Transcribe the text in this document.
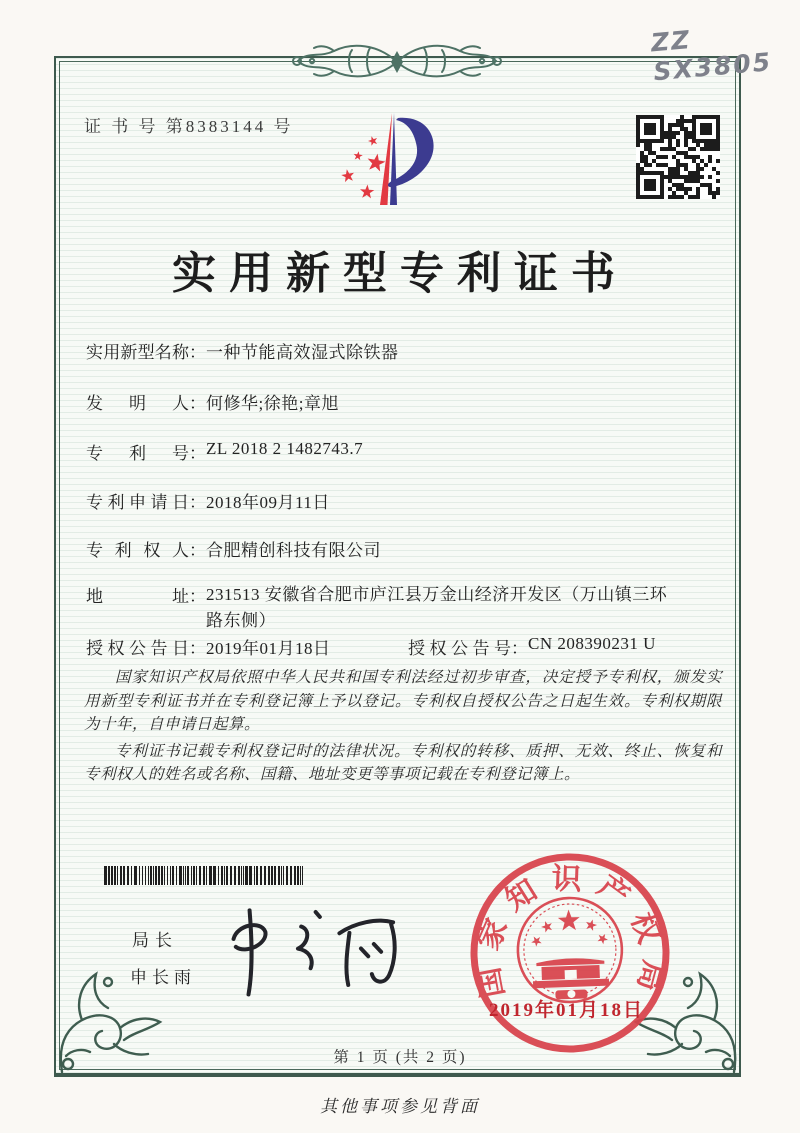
ZZ SX3805
证 书 号 第8383144 号
实用新型专利证书
实用新型名称：一种节能高效湿式除铁器
发明人：何修华;徐艳;章旭
专利号：ZL 2018 2 1482743.7
专利申请日：2018年09月11日
专利权人：合肥精创科技有限公司
地址：231513 安徽省合肥市庐江县万金山经济开发区（万山镇三环路东侧）
授权公告日：2019年01月18日	授权公告号：CN 208390231 U

国家知识产权局依照中华人民共和国专利法经过初步审查，决定授予专利权，颁发实用新型专利证书并在专利登记簿上予以登记。专利权自授权公告之日起生效。专利权期限为十年，自申请日起算。

专利证书记载专利权登记时的法律状况。专利权的转移、质押、无效、终止、恢复和专利权人的姓名或名称、国籍、地址变更等事项记载在专利登记簿上。

局长
申长雨	国家知识产权局
2019年01月18日
第 1 页 (共 2 页)
其他事项参见背面
